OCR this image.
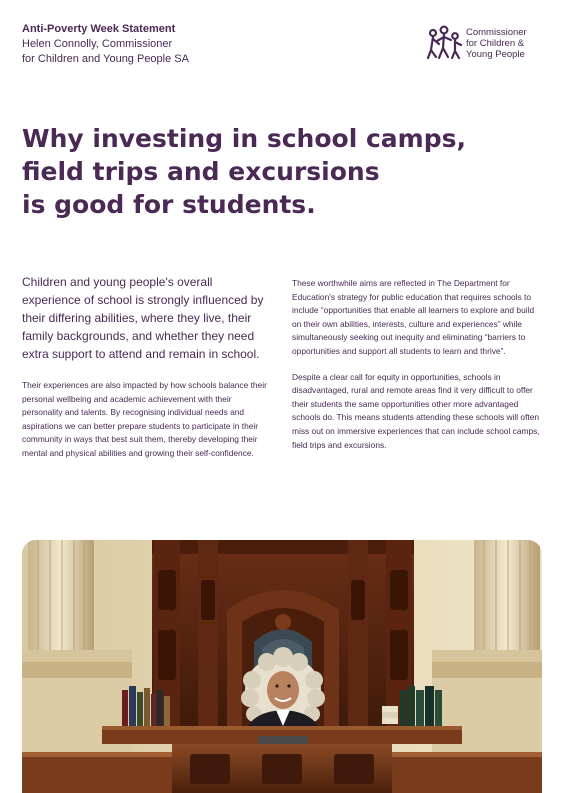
Anti-Poverty Week Statement
Helen Connolly, Commissioner
for Children and Young People SA
Commissioner
for Children &
Young People
Why investing in school camps,
field trips and excursions
is good for students.

Children and young people's overall experience of school is strongly influenced by their differing abilities, where they live, their family backgrounds, and whether they need extra support to attend and remain in school.

Their experiences are also impacted by how schools balance their personal wellbeing and academic achievement with their personality and talents. By recognising individual needs and aspirations we can better prepare students to participate in their community in ways that best suit them, thereby developing their mental and physical abilities and growing their self-confidence.

These worthwhile aims are reflected in The Department for Education's strategy for public education that requires schools to include “opportunities that enable all learners to explore and build on their own abilities, interests, culture and experiences” while simultaneously seeking out inequity and eliminating “barriers to opportunities and support all students to learn and thrive”.

Despite a clear call for equity in opportunities, schools in disadvantaged, rural and remote areas find it very difficult to offer their students the same opportunities other more advantaged schools do. This means students attending these schools will often miss out on immersive experiences that can include school camps, field trips and excursions.
